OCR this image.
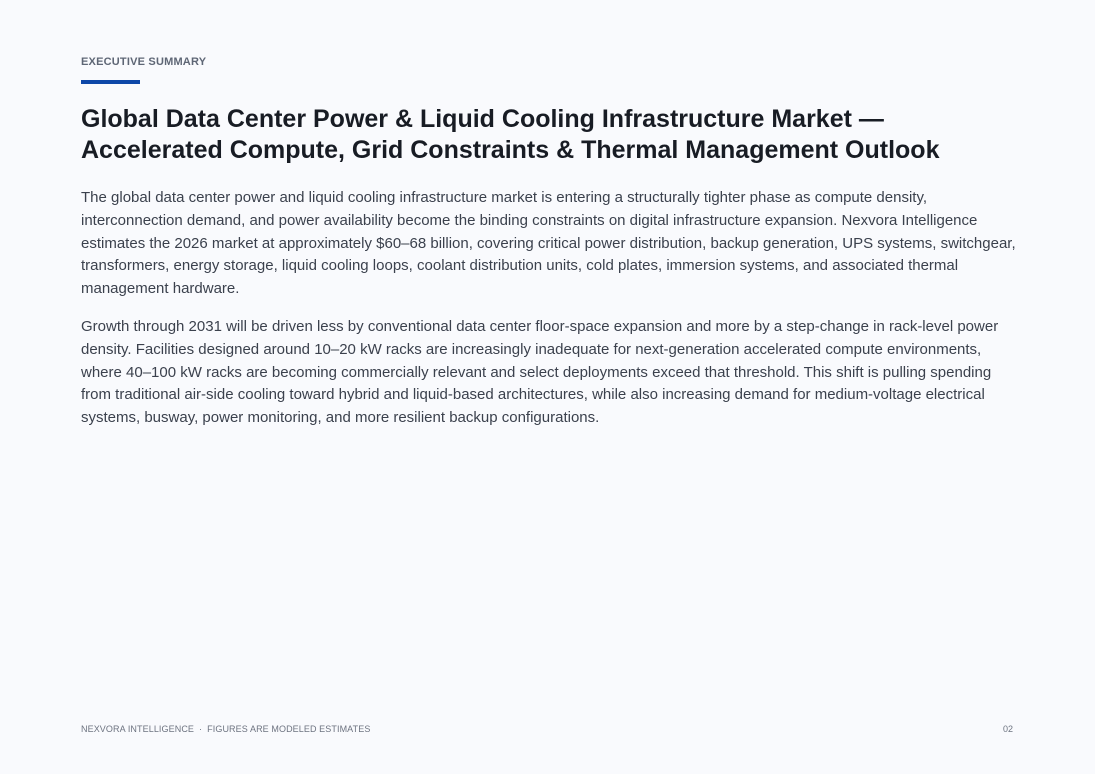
EXECUTIVE SUMMARY
Global Data Center Power & Liquid Cooling Infrastructure Market —
Accelerated Compute, Grid Constraints & Thermal Management Outlook

The global data center power and liquid cooling infrastructure market is entering a structurally tighter phase as compute density, interconnection demand, and power availability become the binding constraints on digital infrastructure expansion. Nexvora Intelligence estimates the 2026 market at approximately $60–68 billion, covering critical power distribution, backup generation, UPS systems, switchgear, transformers, energy storage, liquid cooling loops, coolant distribution units, cold plates, immersion systems, and associated thermal management hardware.

Growth through 2031 will be driven less by conventional data center floor-space expansion and more by a step-change in rack-level power density. Facilities designed around 10–20 kW racks are increasingly inadequate for next-generation accelerated compute environments, where 40–100 kW racks are becoming commercially relevant and select deployments exceed that threshold. This shift is pulling spending from traditional air-side cooling toward hybrid and liquid-based architectures, while also increasing demand for medium-voltage electrical systems, busway, power monitoring, and more resilient backup configurations.

NEXVORA INTELLIGENCE · FIGURES ARE MODELED ESTIMATES	02
